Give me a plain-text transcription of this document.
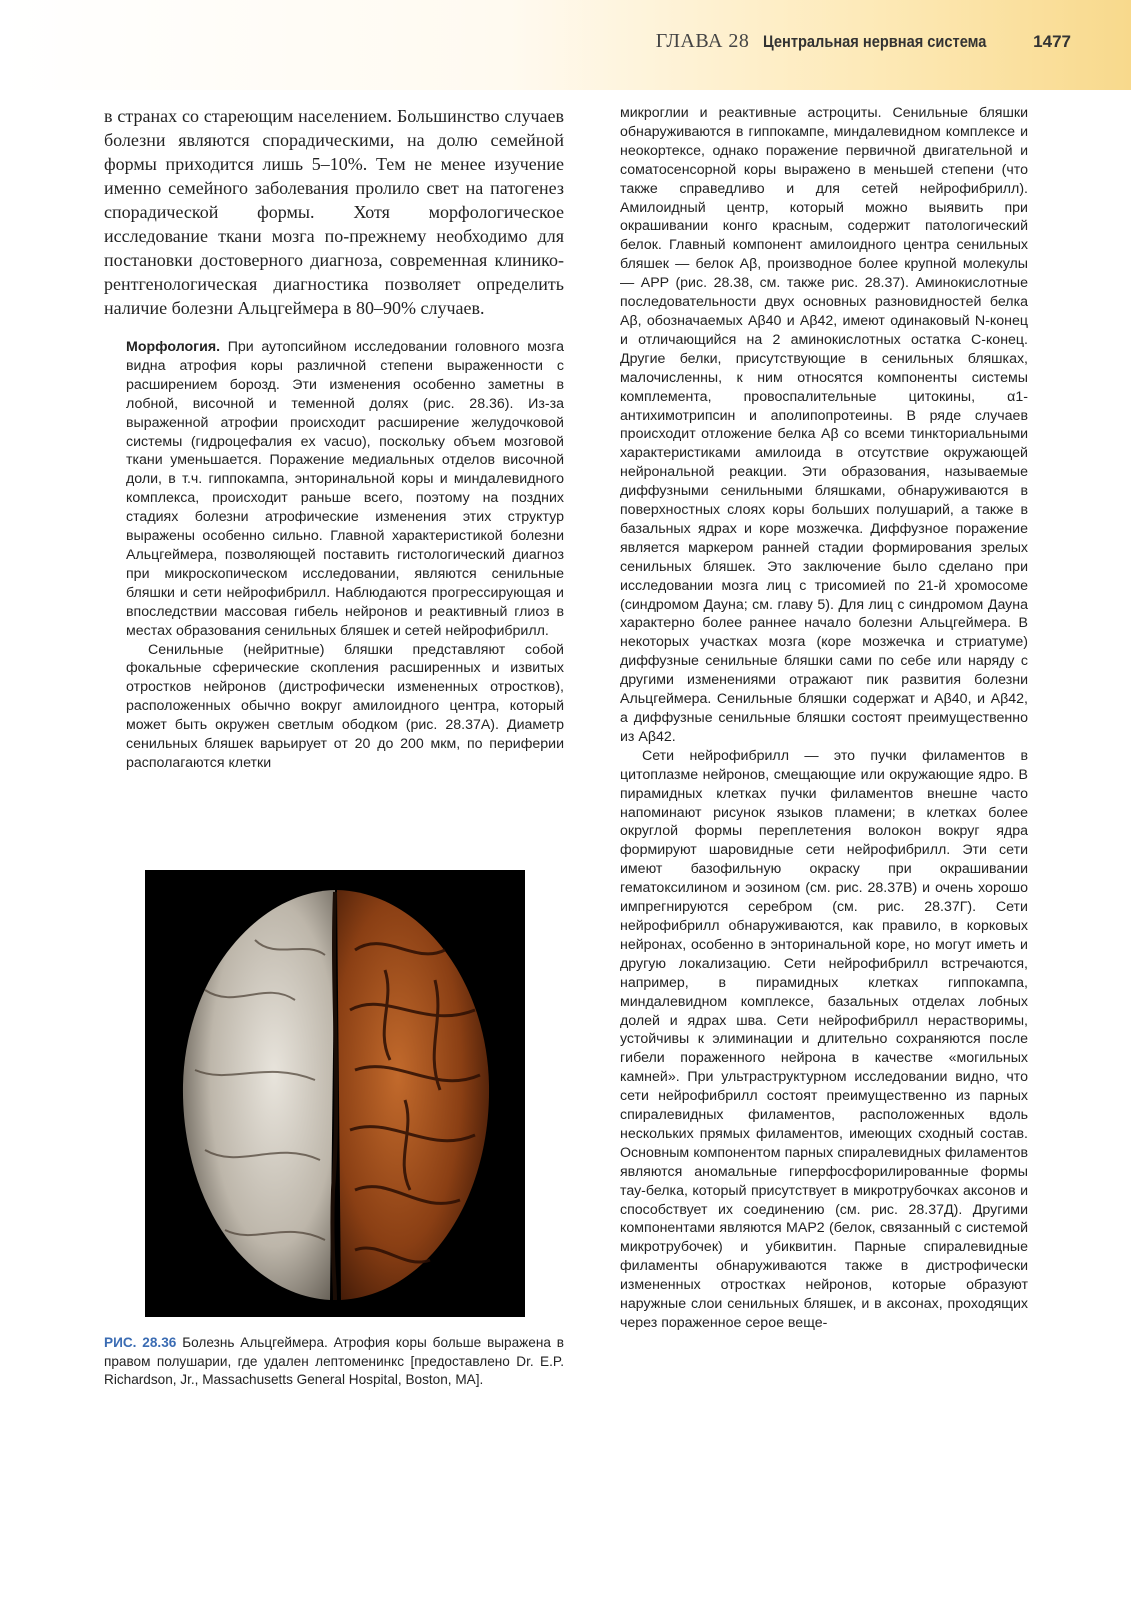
ГЛАВА 28 Центральная нервная система	1477

в странах со стареющим населением. Большинство случаев болезни являются спорадическими, на долю семейной формы приходится лишь 5–10%. Тем не менее изучение именно семейного заболевания пролило свет на патогенез спорадической формы. Хотя морфологическое исследование ткани мозга по-прежнему необходимо для постановки достоверного диагноза, современная клинико-рентгенологическая диагностика позволяет определить наличие болезни Альцгеймера в 80–90% случаев.

Морфология. При аутопсийном исследовании головного мозга видна атрофия коры различной степени выраженности с расширением борозд. Эти изменения особенно заметны в лобной, височной и теменной долях (рис. 28.36). Из-за выраженной атрофии происходит расширение желудочковой системы (гидроцефалия ex vacuo), поскольку объем мозговой ткани уменьшается. Поражение медиальных отделов височной доли, в т.ч. гиппокампа, энторинальной коры и миндалевидного комплекса, происходит раньше всего, поэтому на поздних стадиях болезни атрофические изменения этих структур выражены особенно сильно. Главной характеристикой болезни Альцгеймера, позволяющей поставить гистологический диагноз при микроскопическом исследовании, являются сенильные бляшки и сети нейрофибрилл. Наблюдаются прогрессирующая и впоследствии массовая гибель нейронов и реактивный глиоз в местах образования сенильных бляшек и сетей нейрофибрилл.

Сенильные (нейритные) бляшки представляют собой фокальные сферические скопления расширенных и извитых отростков нейронов (дистрофически измененных отростков), расположенных обычно вокруг амилоидного центра, который может быть окружен светлым ободком (рис. 28.37А). Диаметр сенильных бляшек варьирует от 20 до 200 мкм, по периферии располагаются клетки

РИС. 28.36 Болезнь Альцгеймера. Атрофия коры больше выражена в правом полушарии, где удален лептоменинкс [предоставлено Dr. E.P. Richardson, Jr., Massachusetts General Hospital, Boston, MA].

микроглии и реактивные астроциты. Сенильные бляшки обнаруживаются в гиппокампе, миндалевидном комплексе и неокортексе, однако поражение первичной двигательной и соматосенсорной коры выражено в меньшей степени (что также справедливо и для сетей нейрофибрилл). Амилоидный центр, который можно выявить при окрашивании конго красным, содержит патологический белок. Главный компонент амилоидного центра сенильных бляшек — белок Aβ, производное более крупной молекулы — APP (рис. 28.38, см. также рис. 28.37). Аминокислотные последовательности двух основных разновидностей белка Aβ, обозначаемых Aβ40 и Aβ42, имеют одинаковый N-конец и отличающийся на 2 аминокислотных остатка C-конец. Другие белки, присутствующие в сенильных бляшках, малочисленны, к ним относятся компоненты системы комплемента, провоспалительные цитокины, α1-антихимотрипсин и аполипопротеины. В ряде случаев происходит отложение белка Aβ со всеми тинкториальными характеристиками амилоида в отсутствие окружающей нейрональной реакции. Эти образования, называемые диффузными сенильными бляшками, обнаруживаются в поверхностных слоях коры больших полушарий, а также в базальных ядрах и коре мозжечка. Диффузное поражение является маркером ранней стадии формирования зрелых сенильных бляшек. Это заключение было сделано при исследовании мозга лиц с трисомией по 21-й хромосоме (синдромом Дауна; см. главу 5). Для лиц с синдромом Дауна характерно более раннее начало болезни Альцгеймера. В некоторых участках мозга (коре мозжечка и стриатуме) диффузные сенильные бляшки сами по себе или наряду с другими изменениями отражают пик развития болезни Альцгеймера. Сенильные бляшки содержат и Aβ40, и Aβ42, а диффузные сенильные бляшки состоят преимущественно из Aβ42.

Сети нейрофибрилл — это пучки филаментов в цитоплазме нейронов, смещающие или окружающие ядро. В пирамидных клетках пучки филаментов внешне часто напоминают рисунок языков пламени; в клетках более округлой формы переплетения волокон вокруг ядра формируют шаровидные сети нейрофибрилл. Эти сети имеют базофильную окраску при окрашивании гематоксилином и эозином (см. рис. 28.37В) и очень хорошо импрегнируются серебром (см. рис. 28.37Г). Сети нейрофибрилл обнаруживаются, как правило, в корковых нейронах, особенно в энторинальной коре, но могут иметь и другую локализацию. Сети нейрофибрилл встречаются, например, в пирамидных клетках гиппокампа, миндалевидном комплексе, базальных отделах лобных долей и ядрах шва. Сети нейрофибрилл нерастворимы, устойчивы к элиминации и длительно сохраняются после гибели пораженного нейрона в качестве «могильных камней». При ультраструктурном исследовании видно, что сети нейрофибрилл состоят преимущественно из парных спиралевидных филаментов, расположенных вдоль нескольких прямых филаментов, имеющих сходный состав. Основным компонентом парных спиралевидных филаментов являются аномальные гиперфосфорилированные формы тау-белка, который присутствует в микротрубочках аксонов и способствует их соединению (см. рис. 28.37Д). Другими компонентами являются MAP2 (белок, связанный с системой микротрубочек) и убиквитин. Парные спиралевидные филаменты обнаруживаются также в дистрофически измененных отростках нейронов, которые образуют наружные слои сенильных бляшек, и в аксонах, проходящих через пораженное серое веще-
